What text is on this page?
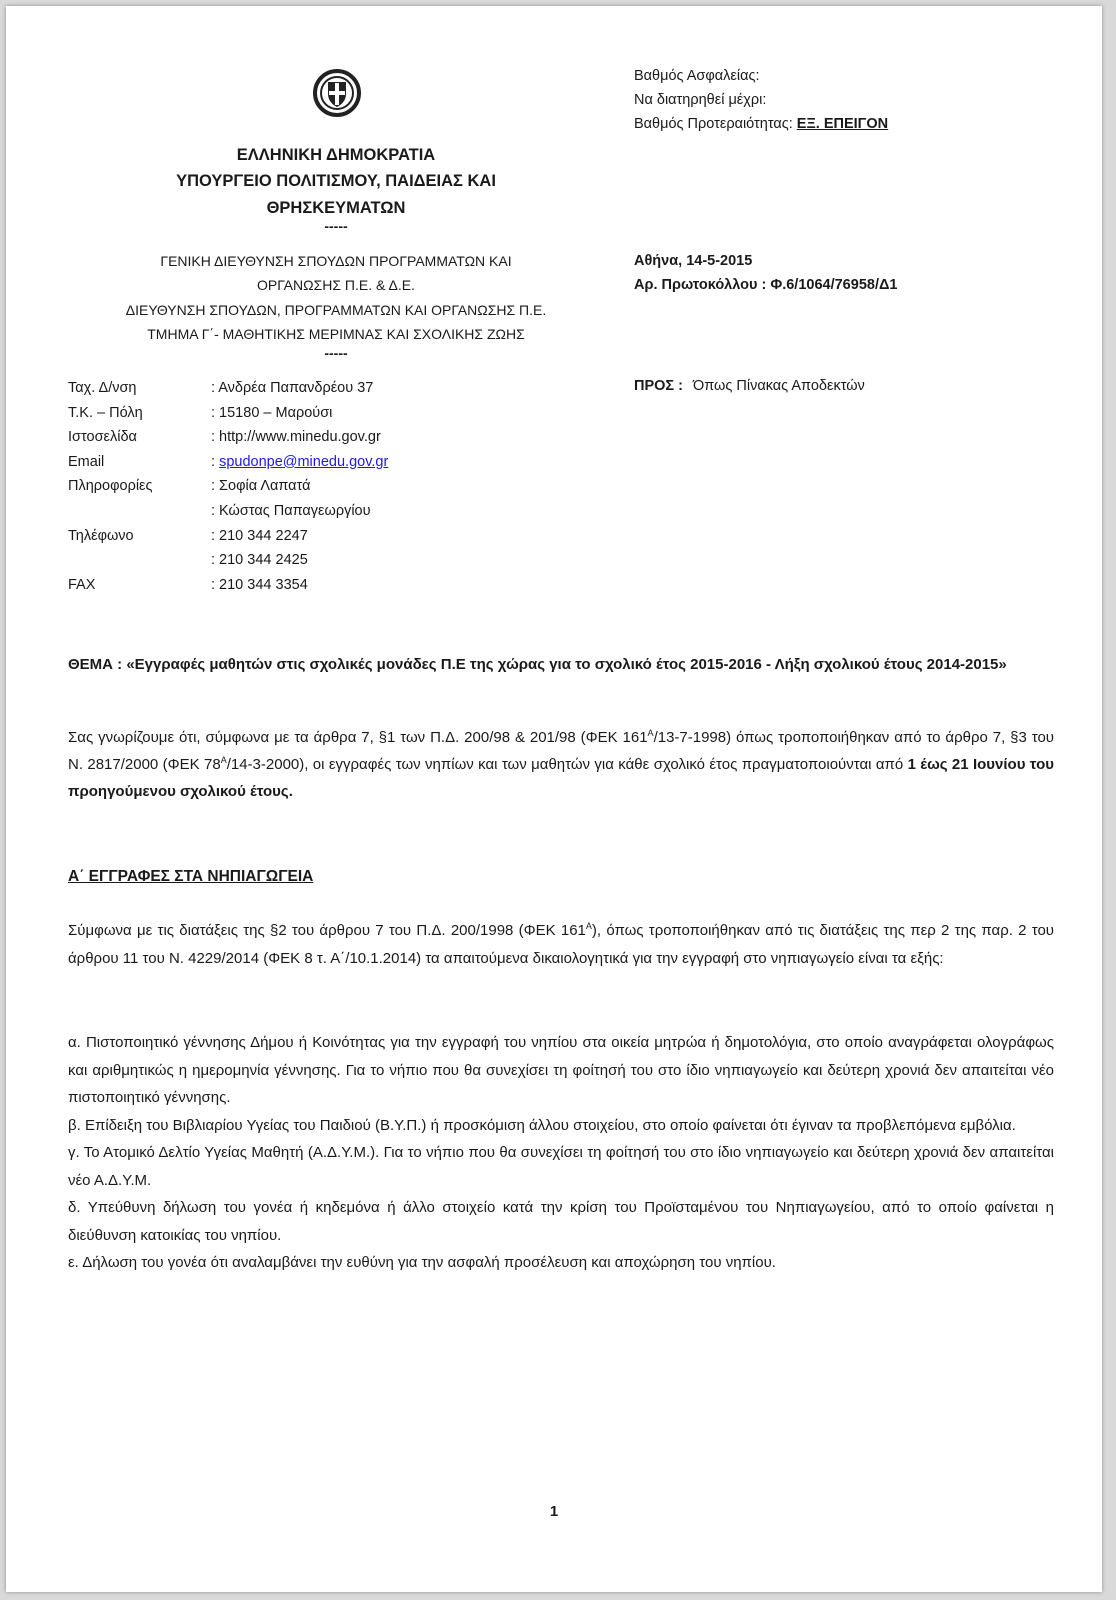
ΕΛΛΗΝΙΚΗ ΔΗΜΟΚΡΑΤΙΑ
ΥΠΟΥΡΓΕΙΟ ΠΟΛΙΤΙΣΜΟΥ, ΠΑΙΔΕΙΑΣ ΚΑΙ
ΘΡΗΣΚΕΥΜΑΤΩΝ
-----
ΓΕΝΙΚΗ ΔΙΕΥΘΥΝΣΗ ΣΠΟΥΔΩΝ ΠΡΟΓΡΑΜΜΑΤΩΝ ΚΑΙ
ΟΡΓΑΝΩΣΗΣ Π.Ε. & Δ.Ε.
ΔΙΕΥΘΥΝΣΗ ΣΠΟΥΔΩΝ, ΠΡΟΓΡΑΜΜΑΤΩΝ ΚΑΙ ΟΡΓΑΝΩΣΗΣ Π.Ε.
ΤΜΗΜΑ Γ΄- ΜΑΘΗΤΙΚΗΣ ΜΕΡΙΜΝΑΣ ΚΑΙ ΣΧΟΛΙΚΗΣ ΖΩΗΣ
-----
Βαθμός Ασφαλείας:
Να διατηρηθεί μέχρι:
Βαθμός Προτεραιότητας: ΕΞ. ΕΠΕΙΓΟΝ
Αθήνα, 14-5-2015
Αρ. Πρωτοκόλλου : Φ.6/1064/76958/Δ1
ΠΡΟΣ : Όπως Πίνακας Αποδεκτών
Ταχ. Δ/νση	: Ανδρέα Παπανδρέου 37
Τ.Κ. – Πόλη	: 15180 – Μαρούσι
Ιστοσελίδα	: http://www.minedu.gov.gr
Email	: spudonpe@minedu.gov.gr
Πληροφορίες	: Σοφία Λαπατά
: Κώστας Παπαγεωργίου
Τηλέφωνο	: 210 344 2247
: 210 344 2425
FAX	: 210 344 3354
ΘΕΜΑ : «Εγγραφές μαθητών στις σχολικές μονάδες Π.Ε της χώρας για το σχολικό έτος 2015-2016 - Λήξη σχολικού έτους 2014-2015»
Σας γνωρίζουμε ότι, σύμφωνα με τα άρθρα 7, §1 των Π.Δ. 200/98 & 201/98 (ΦΕΚ $161^A/13-7-1998$) όπως τροποποιήθηκαν από το άρθρο 7, §3 του Ν. 2817/2000 (ΦΕΚ $78^A/14-3-2000$), οι εγγραφές των νηπίων και των μαθητών για κάθε σχολικό έτος πραγματοποιούνται από 1 έως 21 Ιουνίου του προηγούμενου σχολικού έτους.
Α΄ ΕΓΓΡΑΦΕΣ ΣΤΑ ΝΗΠΙΑΓΩΓΕΙΑ
Σύμφωνα με τις διατάξεις της §2 του άρθρου 7 του Π.Δ. 200/1998 (ΦΕΚ $161^A$), όπως τροποποιήθηκαν από τις διατάξεις της περ 2 της παρ. 2 του άρθρου 11 του Ν. 4229/2014 (ΦΕΚ 8 τ. Α΄/10.1.2014) τα απαιτούμενα δικαιολογητικά για την εγγραφή στο νηπιαγωγείο είναι τα εξής:

α. Πιστοποιητικό γέννησης Δήμου ή Κοινότητας για την εγγραφή του νηπίου στα οικεία μητρώα ή δημοτολόγια, στο οποίο αναγράφεται ολογράφως και αριθμητικώς η ημερομηνία γέννησης. Για το νήπιο που θα συνεχίσει τη φοίτησή του στο ίδιο νηπιαγωγείο και δεύτερη χρονιά δεν απαιτείται νέο πιστοποιητικό γέννησης.

β. Επίδειξη του Βιβλιαρίου Υγείας του Παιδιού (Β.Υ.Π.) ή προσκόμιση άλλου στοιχείου, στο οποίο φαίνεται ότι έγιναν τα προβλεπόμενα εμβόλια.

γ. Το Ατομικό Δελτίο Υγείας Μαθητή (Α.Δ.Υ.Μ.). Για το νήπιο που θα συνεχίσει τη φοίτησή του στο ίδιο νηπιαγωγείο και δεύτερη χρονιά δεν απαιτείται νέο Α.Δ.Υ.Μ.

δ. Υπεύθυνη δήλωση του γονέα ή κηδεμόνα ή άλλο στοιχείο κατά την κρίση του Προϊσταμένου του Νηπιαγωγείου, από το οποίο φαίνεται η διεύθυνση κατοικίας του νηπίου.

ε. Δήλωση του γονέα ότι αναλαμβάνει την ευθύνη για την ασφαλή προσέλευση και αποχώρηση του νηπίου.

1
